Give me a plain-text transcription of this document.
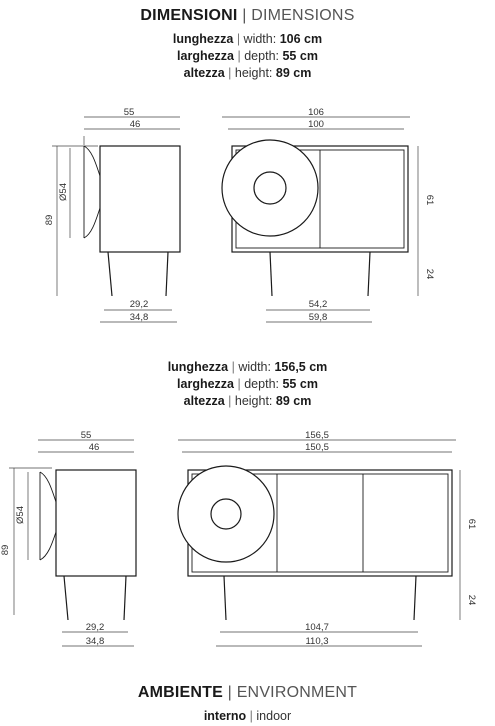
DIMENSIONI | DIMENSIONS
lunghezza | width: 106 cm
larghezza | depth: 55 cm
altezza | height: 89 cm
55
46
89
Ø54
29,2
34,8
106
100
61
24
54,2
59,8
lunghezza | width: 156,5 cm
larghezza | depth: 55 cm
altezza | height: 89 cm
55
46
89
Ø54
29,2
34,8
156,5
150,5
61
24
104,7
110,3
AMBIENTE | ENVIRONMENT
interno | indoor
